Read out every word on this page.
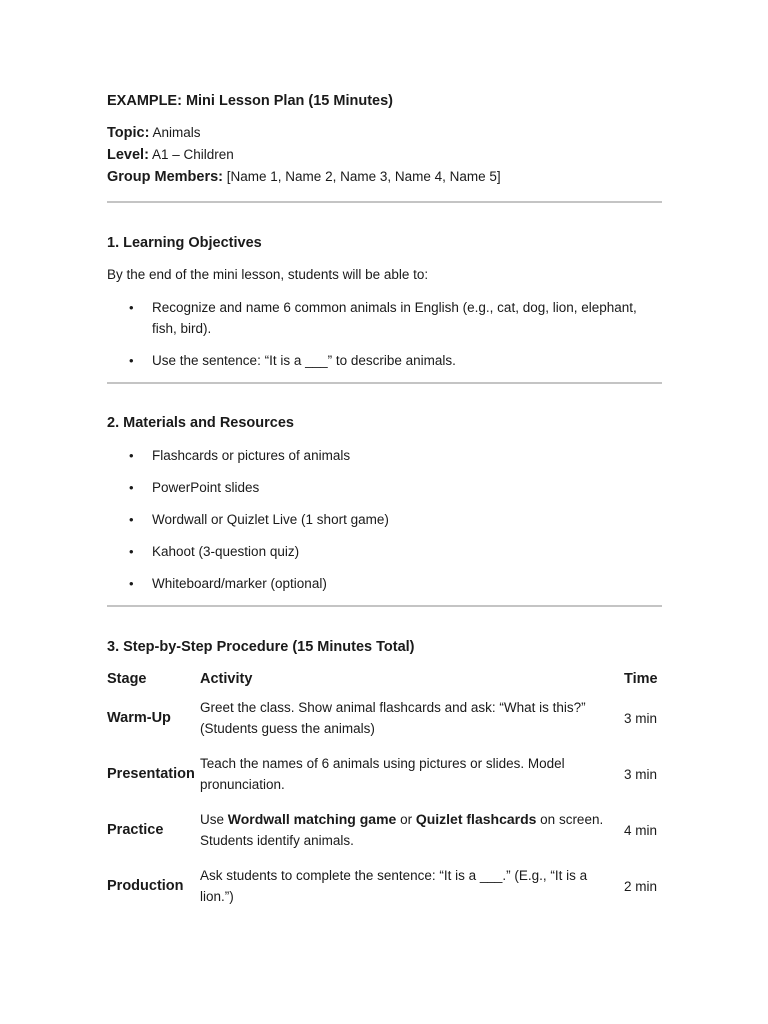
EXAMPLE: Mini Lesson Plan (15 Minutes)

Topic: Animals
Level: A1 – Children
Group Members: [Name 1, Name 2, Name 3, Name 4, Name 5]

1. Learning Objectives

By the end of the mini lesson, students will be able to:

• Recognize and name 6 common animals in English (e.g., cat, dog, lion, elephant, fish, bird).
• Use the sentence: “It is a ___” to describe animals.

2. Materials and Resources

• Flashcards or pictures of animals
• PowerPoint slides
• Wordwall or Quizlet Live (1 short game)
• Kahoot (3-question quiz)
• Whiteboard/marker (optional)

3. Step-by-Step Procedure (15 Minutes Total)

Stage	Activity	Time
Warm-Up	Greet the class. Show animal flashcards and ask: “What is this?” (Students guess the animals)	3 min
Presentation	Teach the names of 6 animals using pictures or slides. Model pronunciation.	3 min
Practice	Use Wordwall matching game or Quizlet flashcards on screen. Students identify animals.	4 min
Production	Ask students to complete the sentence: “It is a ___.” (E.g., “It is a lion.”)	2 min
